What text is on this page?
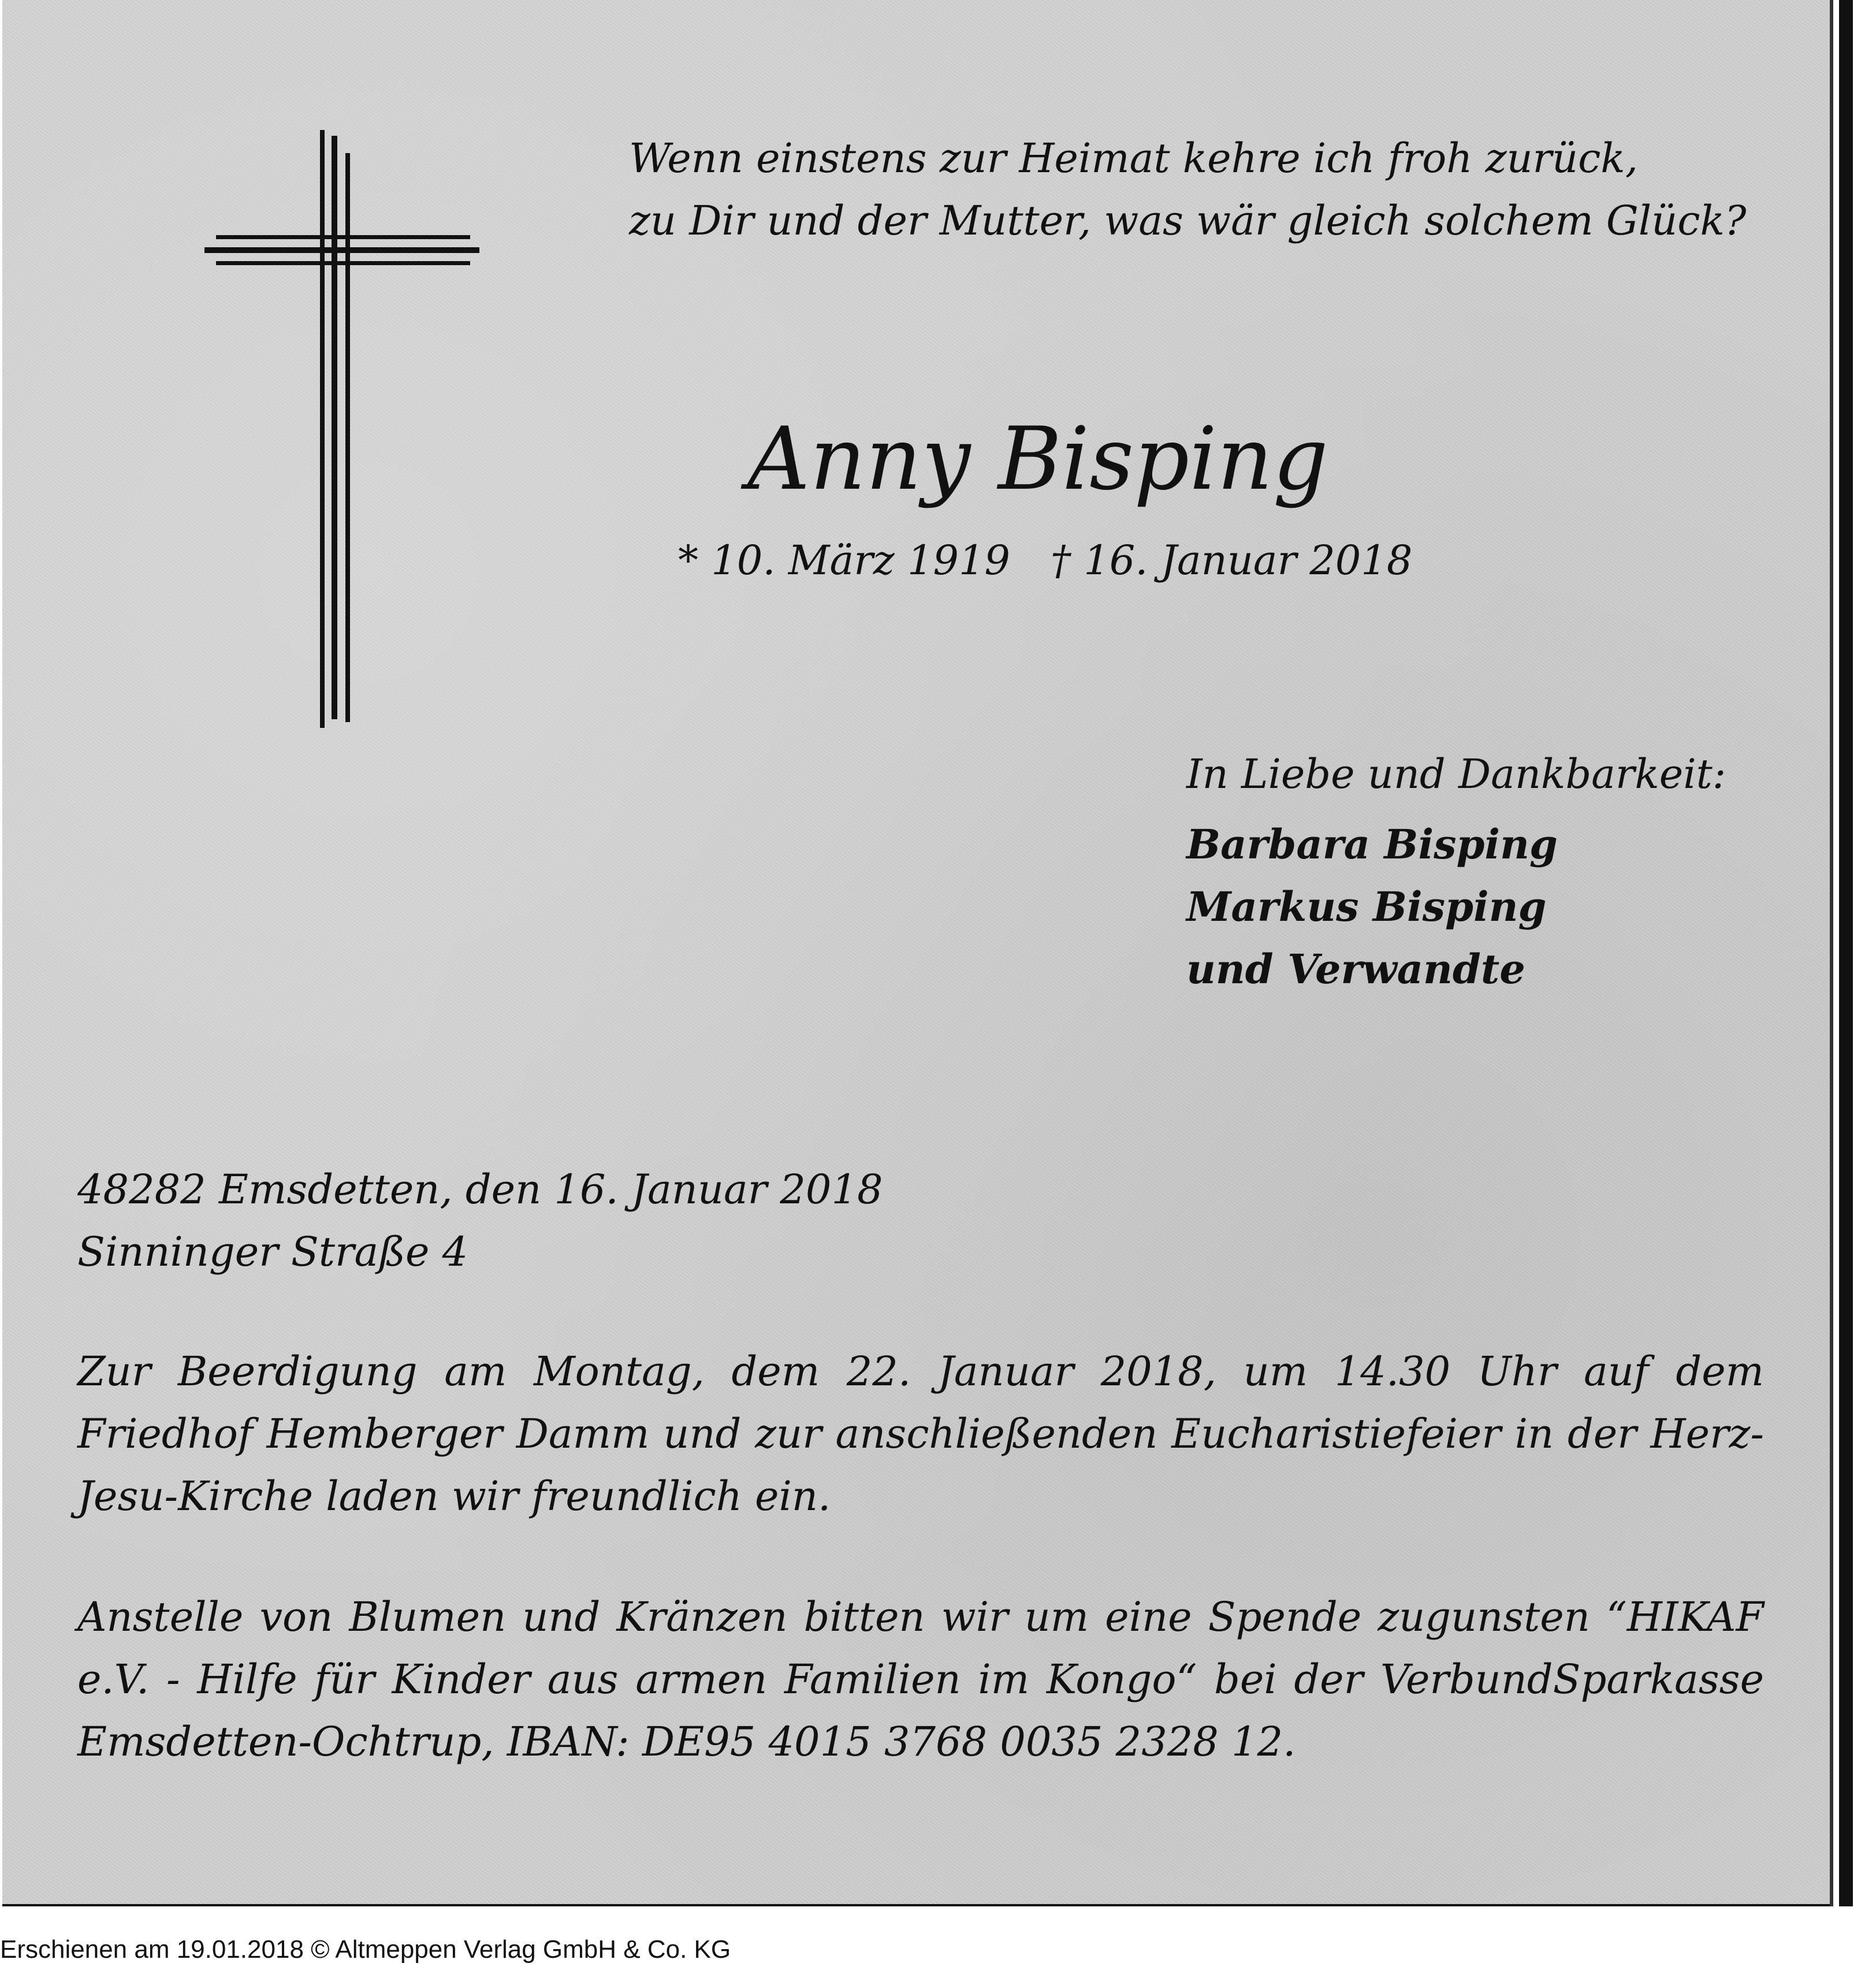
Wenn einstens zur Heimat kehre ich froh zurück,
zu Dir und der Mutter, was wär gleich solchem Glück?
Anny Bisping
* 10. März 1919 † 16. Januar 2018
In Liebe und Dankbarkeit:
Barbara Bisping
Markus Bisping
und Verwandte
48282 Emsdetten, den 16. Januar 2018
Sinninger Straße 4
Zur Beerdigung am Montag, dem 22. Januar 2018, um 14.30 Uhr auf dem
Friedhof Hemberger Damm und zur anschließenden Eucharistiefeier in der Herz-
Jesu-Kirche laden wir freundlich ein.
Anstelle von Blumen und Kränzen bitten wir um eine Spende zugunsten “HIKAF
e.V. - Hilfe für Kinder aus armen Familien im Kongo“ bei der VerbundSparkasse
Emsdetten-Ochtrup, IBAN: DE95 4015 3768 0035 2328 12.
Erschienen am 19.01.2018 © Altmeppen Verlag GmbH & Co. KG
